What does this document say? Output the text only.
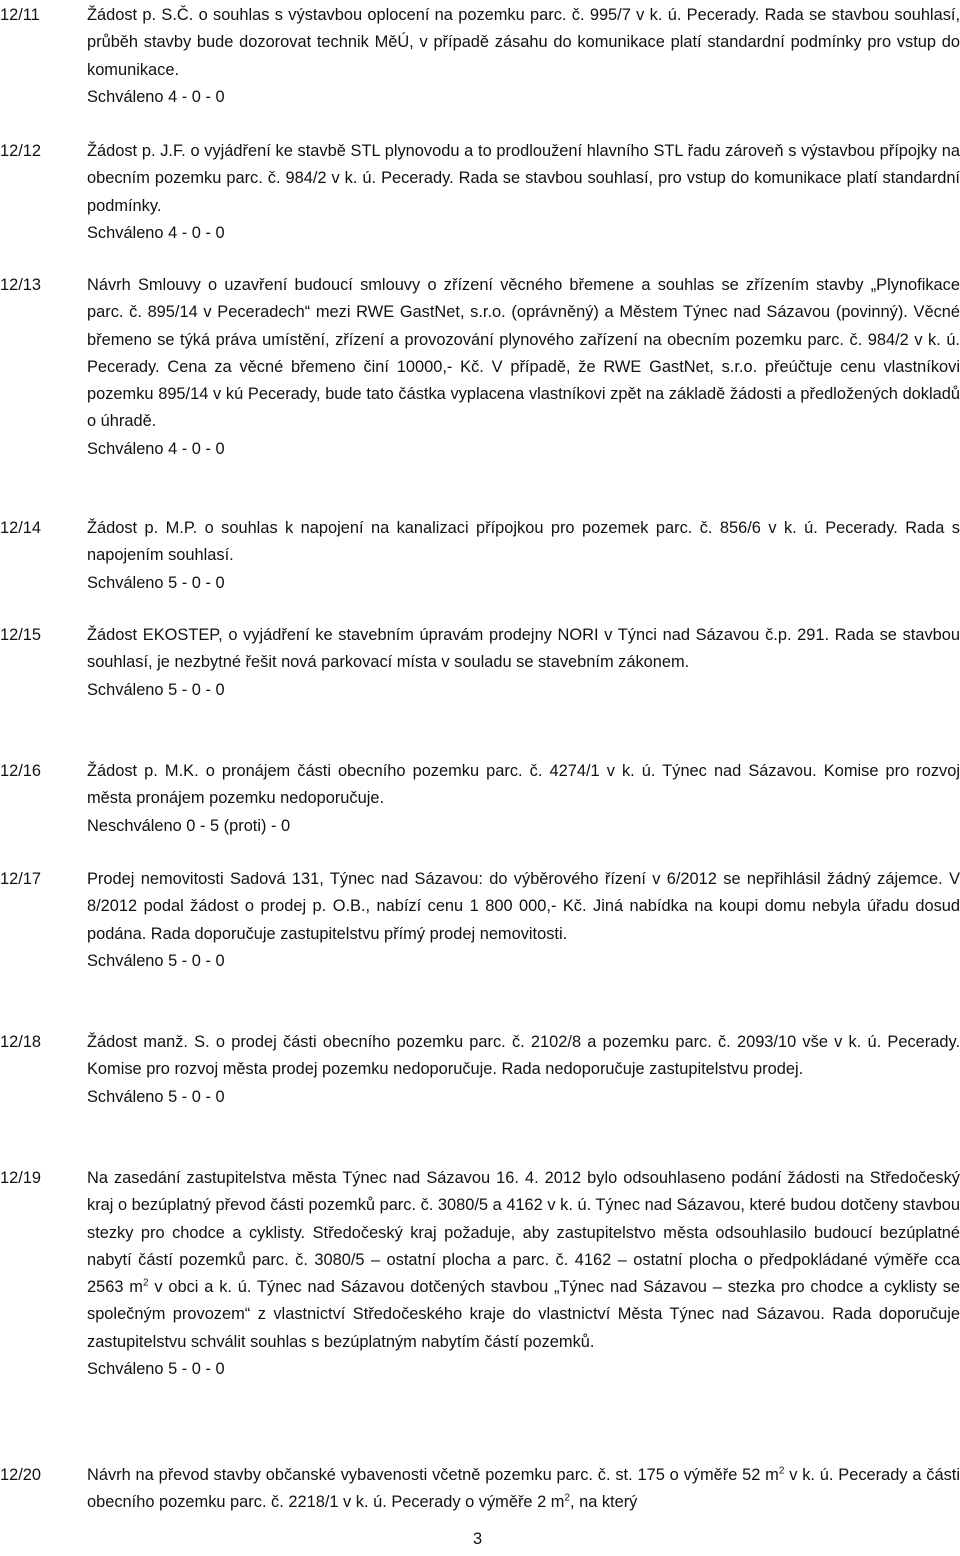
12/11	Žádost p. S.Č. o souhlas s výstavbou oplocení na pozemku parc. č. 995/7 v k. ú. Pecerady. Rada se stavbou souhlasí, průběh stavby bude dozorovat technik MěÚ, v případě zásahu do komunikace platí standardní podmínky pro vstup do komunikace.

Schváleno 4 - 0 - 0
12/12	Žádost p. J.F. o vyjádření ke stavbě STL plynovodu a to prodloužení hlavního STL řadu zároveň s výstavbou přípojky na obecním pozemku parc. č. 984/2 v k. ú. Pecerady. Rada se stavbou souhlasí, pro vstup do komunikace platí standardní podmínky.

Schváleno 4 - 0 - 0
12/13	Návrh Smlouvy o uzavření budoucí smlouvy o zřízení věcného břemene a souhlas se zřízením stavby „Plynofikace parc. č. 895/14 v Peceradech“ mezi RWE GastNet, s.r.o. (oprávněný) a Městem Týnec nad Sázavou (povinný). Věcné břemeno se týká práva umístění, zřízení a provozování plynového zařízení na obecním pozemku parc. č. 984/2 v k. ú. Pecerady. Cena za věcné břemeno činí 10000,- Kč. V případě, že RWE GastNet, s.r.o. přeúčtuje cenu vlastníkovi pozemku 895/14 v kú Pecerady, bude tato částka vyplacena vlastníkovi zpět na základě žádosti a předložených dokladů o úhradě.

Schváleno 4 - 0 - 0
12/14	Žádost p. M.P. o souhlas k napojení na kanalizaci přípojkou pro pozemek parc. č. 856/6 v k. ú. Pecerady. Rada s napojením souhlasí.

Schváleno 5 - 0 - 0
12/15	Žádost EKOSTEP, o vyjádření ke stavebním úpravám prodejny NORI v Týnci nad Sázavou č.p. 291. Rada se stavbou souhlasí, je nezbytné řešit nová parkovací místa v souladu se stavebním zákonem.

Schváleno 5 - 0 - 0
12/16	Žádost p. M.K. o pronájem části obecního pozemku parc. č. 4274/1 v k. ú. Týnec nad Sázavou. Komise pro rozvoj města pronájem pozemku nedoporučuje.

Neschváleno 0 - 5 (proti) - 0
12/17	Prodej nemovitosti Sadová 131, Týnec nad Sázavou: do výběrového řízení v 6/2012 se nepřihlásil žádný zájemce. V 8/2012 podal žádost o prodej p. O.B., nabízí cenu 1 800 000,- Kč. Jiná nabídka na koupi domu nebyla úřadu dosud podána. Rada doporučuje zastupitelstvu přímý prodej nemovitosti.

Schváleno 5 - 0 - 0
12/18	Žádost manž. S. o prodej části obecního pozemku parc. č. 2102/8 a pozemku parc. č. 2093/10 vše v k. ú. Pecerady. Komise pro rozvoj města prodej pozemku nedoporučuje. Rada nedoporučuje zastupitelstvu prodej.

Schváleno 5 - 0 - 0
12/19	Na zasedání zastupitelstva města Týnec nad Sázavou 16. 4. 2012 bylo odsouhlaseno podání žádosti na Středočeský kraj o bezúplatný převod části pozemků parc. č. 3080/5 a 4162 v k. ú. Týnec nad Sázavou, které budou dotčeny stavbou stezky pro chodce a cyklisty. Středočeský kraj požaduje, aby zastupitelstvo města odsouhlasilo budoucí bezúplatné nabytí částí pozemků parc. č. 3080/5 – ostatní plocha a parc. č. 4162 – ostatní plocha o předpokládané výměře cca 2563 $m^2$ v obci a k. ú. Týnec nad Sázavou dotčených stavbou „Týnec nad Sázavou – stezka pro chodce a cyklisty se společným provozem“ z vlastnictví Středočeského kraje do vlastnictví Města Týnec nad Sázavou. Rada doporučuje zastupitelstvu schválit souhlas s bezúplatným nabytím částí pozemků.

Schváleno 5 - 0 - 0
12/20	Návrh na převod stavby občanské vybavenosti včetně pozemku parc. č. st. 175 o výměře 52 $m^2$ v k. ú. Pecerady a části obecního pozemku parc. č. 2218/1 v k. ú. Pecerady o výměře 2 $m^2$, na který

3
